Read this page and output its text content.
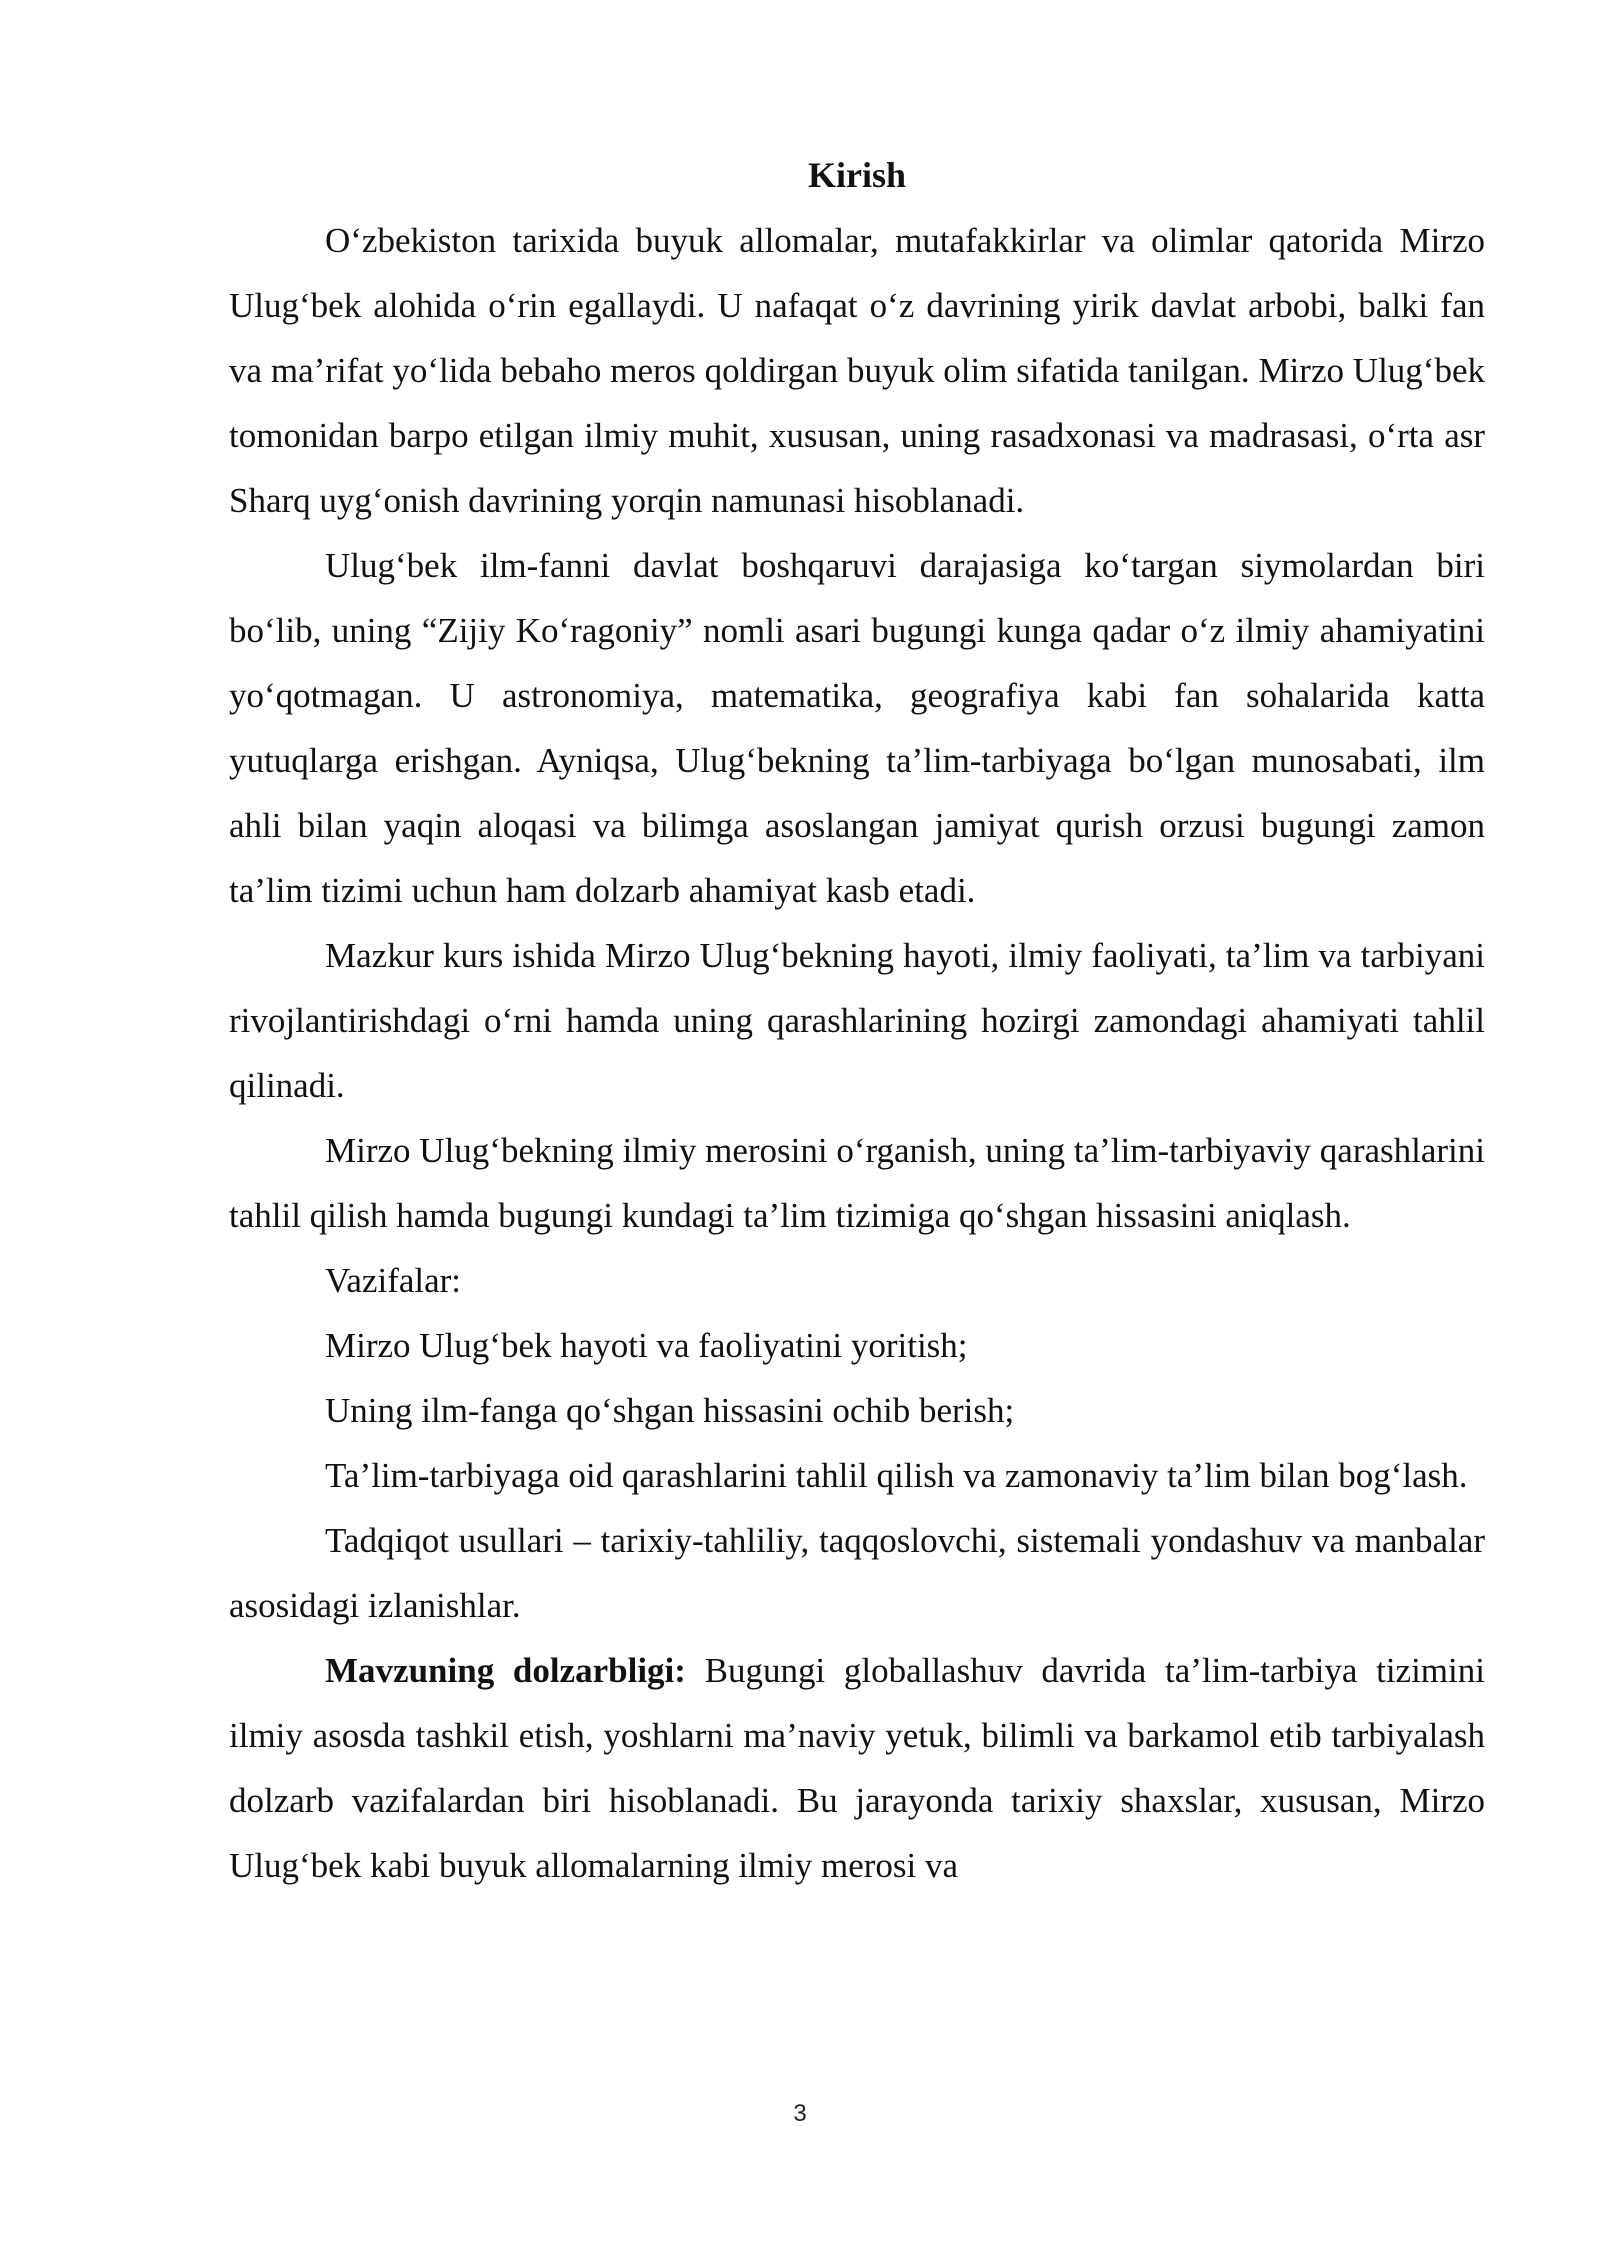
Kirish

O‘zbekiston tarixida buyuk allomalar, mutafakkirlar va olimlar qatorida Mirzo Ulug‘bek alohida o‘rin egallaydi. U nafaqat o‘z davrining yirik davlat arbobi, balki fan va ma’rifat yo‘lida bebaho meros qoldirgan buyuk olim sifatida tanilgan. Mirzo Ulug‘bek tomonidan barpo etilgan ilmiy muhit, xususan, uning rasadxonasi va madrasasi, o‘rta asr Sharq uyg‘onish davrining yorqin namunasi hisoblanadi.

Ulug‘bek ilm-fanni davlat boshqaruvi darajasiga ko‘targan siymolardan biri bo‘lib, uning “Zijiy Ko‘ragoniy” nomli asari bugungi kunga qadar o‘z ilmiy ahamiyatini yo‘qotmagan. U astronomiya, matematika, geografiya kabi fan sohalarida katta yutuqlarga erishgan. Ayniqsa, Ulug‘bekning ta’lim-tarbiyaga bo‘lgan munosabati, ilm ahli bilan yaqin aloqasi va bilimga asoslangan jamiyat qurish orzusi bugungi zamon ta’lim tizimi uchun ham dolzarb ahamiyat kasb etadi.

Mazkur kurs ishida Mirzo Ulug‘bekning hayoti, ilmiy faoliyati, ta’lim va tarbiyani rivojlantirishdagi o‘rni hamda uning qarashlarining hozirgi zamondagi ahamiyati tahlil qilinadi.

Mirzo Ulug‘bekning ilmiy merosini o‘rganish, uning ta’lim-tarbiyaviy qarashlarini tahlil qilish hamda bugungi kundagi ta’lim tizimiga qo‘shgan hissasini aniqlash.

Vazifalar:

Mirzo Ulug‘bek hayoti va faoliyatini yoritish;

Uning ilm-fanga qo‘shgan hissasini ochib berish;

Ta’lim-tarbiyaga oid qarashlarini tahlil qilish va zamonaviy ta’lim bilan bog‘lash.

Tadqiqot usullari – tarixiy-tahliliy, taqqoslovchi, sistemali yondashuv va manbalar asosidagi izlanishlar.

Mavzuning dolzarbligi: Bugungi globallashuv davrida ta’lim-tarbiya tizimini ilmiy asosda tashkil etish, yoshlarni ma’naviy yetuk, bilimli va barkamol etib tarbiyalash dolzarb vazifalardan biri hisoblanadi. Bu jarayonda tarixiy shaxslar, xususan, Mirzo Ulug‘bek kabi buyuk allomalarning ilmiy merosi va

3
